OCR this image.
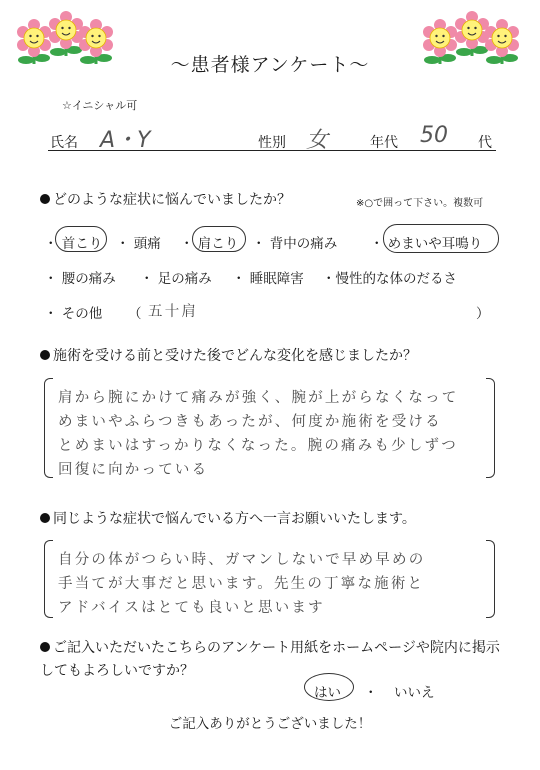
〜患者様アンケート〜
☆イニシャル可
氏名 A・Y	性別 女	年代 50 代
どのような症状に悩んでいましたか？	※○で囲って下さい。複数可
・ 首こり ・ 頭痛 ・ 肩こり ・ 背中の痛み ・ めまいや耳鳴り
・ 腰の痛み ・ 足の痛み ・ 睡眠障害 ・慢性的な体のだるさ
・ その他 （ 五十肩	）
施術を受ける前と受けた後でどんな変化を感じましたか？
肩から腕にかけて痛みが強く、腕が上がらなくなって
めまいやふらつきもあったが、何度か施術を受ける
とめまいはすっかりなくなった。腕の痛みも少しずつ
回復に向かっている
同じような症状で悩んでいる方へ一言お願いいたします。
自分の体がつらい時、ガマンしないで早め早めの
手当てが大事だと思います。先生の丁寧な施術と
アドバイスはとても良いと思います
ご記入いただいたこちらのアンケート用紙をホームページや院内に掲示
してもよろしいですか？
はい ・ いいえ
ご記入ありがとうございました！
